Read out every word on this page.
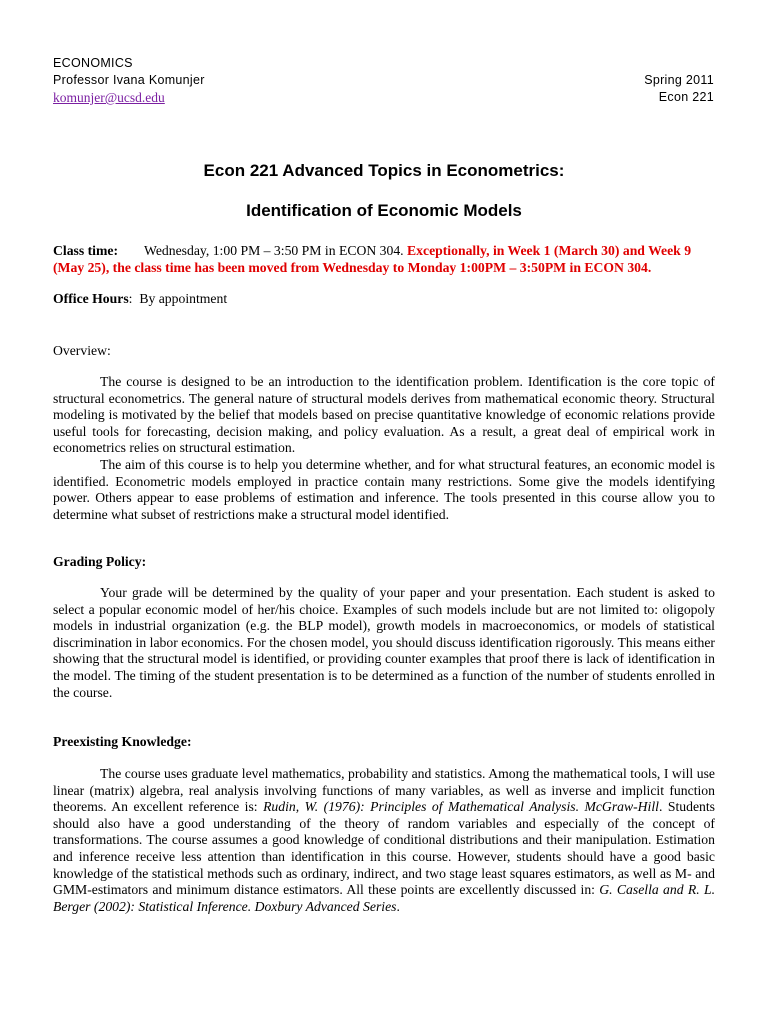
ECONOMICS
Professor Ivana Komunjer
komunjer@ucsd.edu
Spring 2011
Econ 221
Econ 221 Advanced Topics in Econometrics:
Identification of Economic Models

Class time: Wednesday, 1:00 PM – 3:50 PM in ECON 304. Exceptionally, in Week 1 (March 30) and Week 9 (May 25), the class time has been moved from Wednesday to Monday 1:00PM – 3:50PM in ECON 304.

Office Hours: By appointment

Overview:

The course is designed to be an introduction to the identification problem. Identification is the core topic of structural econometrics. The general nature of structural models derives from mathematical economic theory. Structural modeling is motivated by the belief that models based on precise quantitative knowledge of economic relations provide useful tools for forecasting, decision making, and policy evaluation. As a result, a great deal of empirical work in econometrics relies on structural estimation.

The aim of this course is to help you determine whether, and for what structural features, an economic model is identified. Econometric models employed in practice contain many restrictions. Some give the models identifying power. Others appear to ease problems of estimation and inference. The tools presented in this course allow you to determine what subset of restrictions make a structural model identified.

Grading Policy:

Your grade will be determined by the quality of your paper and your presentation. Each student is asked to select a popular economic model of her/his choice. Examples of such models include but are not limited to: oligopoly models in industrial organization (e.g. the BLP model), growth models in macroeconomics, or models of statistical discrimination in labor economics. For the chosen model, you should discuss identification rigorously. This means either showing that the structural model is identified, or providing counter examples that proof there is lack of identification in the model. The timing of the student presentation is to be determined as a function of the number of students enrolled in the course.

Preexisting Knowledge:

The course uses graduate level mathematics, probability and statistics. Among the mathematical tools, I will use linear (matrix) algebra, real analysis involving functions of many variables, as well as inverse and implicit function theorems. An excellent reference is: Rudin, W. (1976): Principles of Mathematical Analysis. McGraw-Hill. Students should also have a good understanding of the theory of random variables and especially of the concept of transformations. The course assumes a good knowledge of conditional distributions and their manipulation. Estimation and inference receive less attention than identification in this course. However, students should have a good basic knowledge of the statistical methods such as ordinary, indirect, and two stage least squares estimators, as well as M- and GMM-estimators and minimum distance estimators. All these points are excellently discussed in: G. Casella and R. L. Berger (2002): Statistical Inference. Doxbury Advanced Series.
